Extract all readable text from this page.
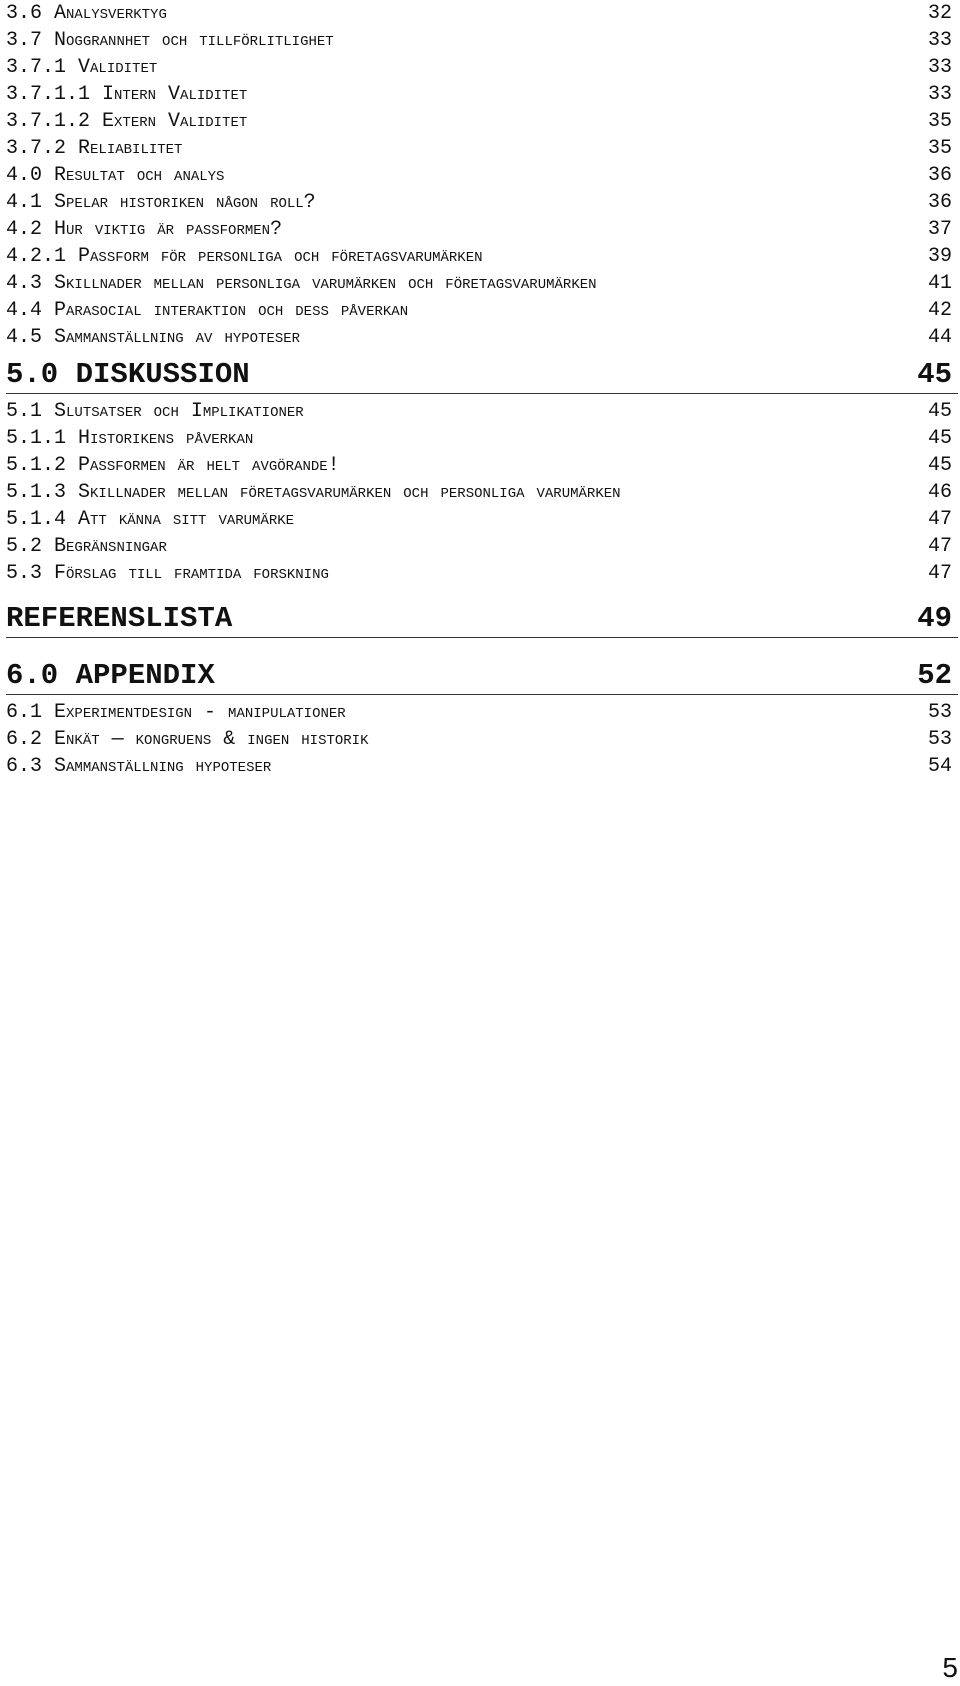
3.6 Analysverktyg	32
3.7 Noggrannhet och tillförlitlighet	33
3.7.1 Validitet	33
3.7.1.1 Intern Validitet	33
3.7.1.2 Extern Validitet	35
3.7.2 Reliabilitet	35
4.0 Resultat och analys	36
4.1 Spelar historiken någon roll?	36
4.2 Hur viktig är passformen?	37
4.2.1 Passform för personliga och företagsvarumärken	39
4.3 Skillnader mellan personliga varumärken och företagsvarumärken	41
4.4 Parasocial interaktion och dess påverkan	42
4.5 Sammanställning av hypoteser	44
5.0 DISKUSSION	45
5.1 Slutsatser och Implikationer	45
5.1.1 Historikens påverkan	45
5.1.2 Passformen är helt avgörande!	45
5.1.3 Skillnader mellan företagsvarumärken och personliga varumärken	46
5.1.4 Att känna sitt varumärke	47
5.2 Begränsningar	47
5.3 Förslag till framtida forskning	47
REFERENSLISTA	49
6.0 APPENDIX	52
6.1 Experimentdesign - manipulationer	53
6.2 Enkät — kongruens & ingen historik	53
6.3 Sammanställning hypoteser	54
5
